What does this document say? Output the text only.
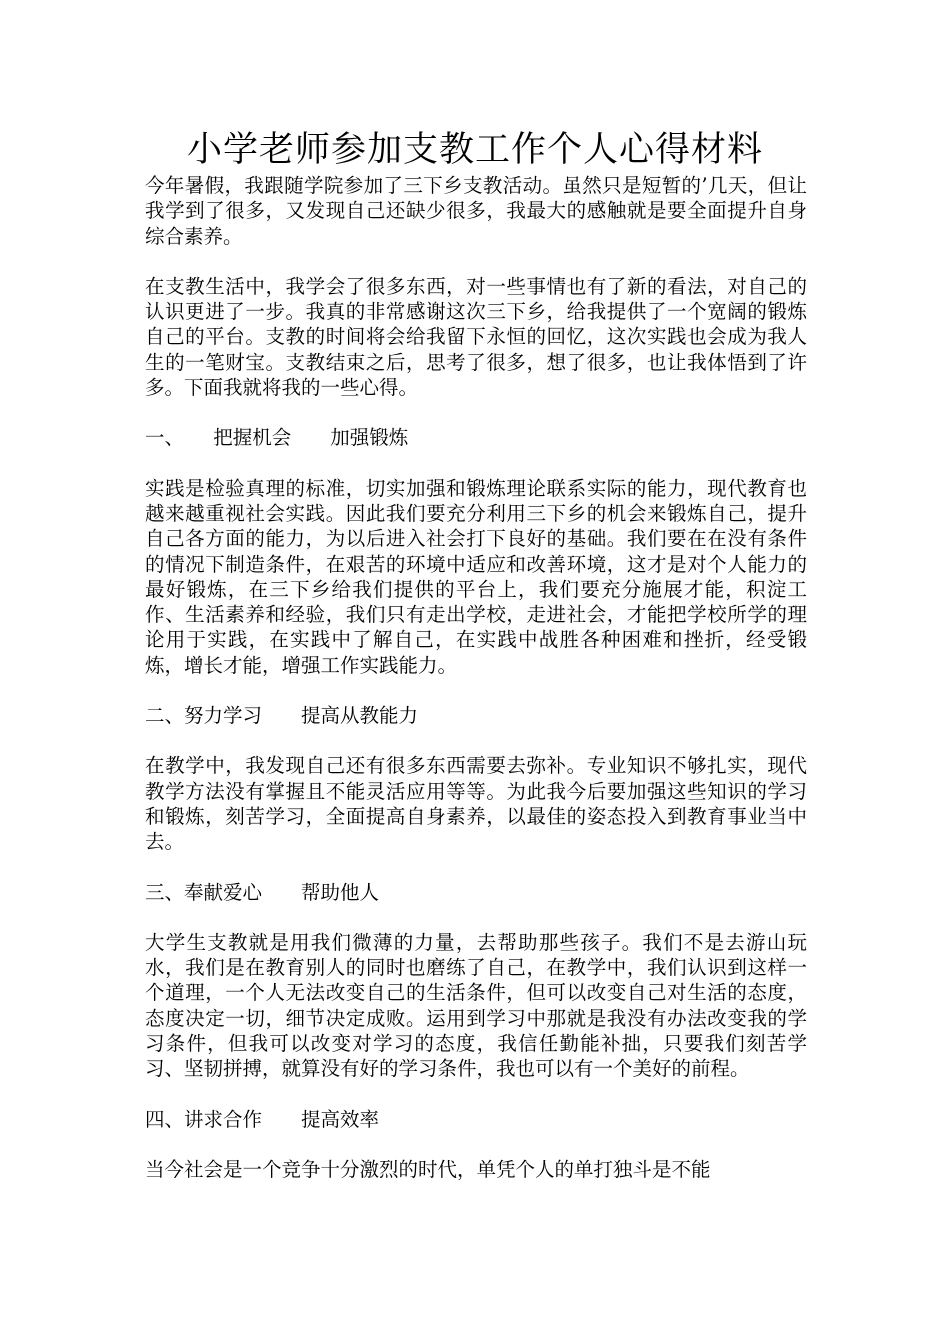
小学老师参加支教工作个人心得材料

今年暑假，我跟随学院参加了三下乡支教活动。虽然只是短暂的’几天，但让我学到了很多，又发现自己还缺少很多，我最大的感触就是要全面提升自身综合素养。

在支教生活中，我学会了很多东西，对一些事情也有了新的看法，对自己的认识更进了一步。我真的非常感谢这次三下乡，给我提供了一个宽阔的锻炼自己的平台。支教的时间将会给我留下永恒的回忆，这次实践也会成为我人生的一笔财宝。支教结束之后，思考了很多，想了很多，也让我体悟到了许多。下面我就将我的一些心得。

一、　　把握机会　　加强锻炼

实践是检验真理的标准，切实加强和锻炼理论联系实际的能力，现代教育也越来越重视社会实践。因此我们要充分利用三下乡的机会来锻炼自己，提升自己各方面的能力，为以后进入社会打下良好的基础。我们要在在没有条件的情况下制造条件，在艰苦的环境中适应和改善环境，这才是对个人能力的最好锻炼，在三下乡给我们提供的平台上，我们要充分施展才能，积淀工作、生活素养和经验，我们只有走出学校，走进社会，才能把学校所学的理论用于实践，在实践中了解自己，在实践中战胜各种困难和挫折，经受锻炼，增长才能，增强工作实践能力。

二、努力学习　　提高从教能力

在教学中，我发现自己还有很多东西需要去弥补。专业知识不够扎实，现代教学方法没有掌握且不能灵活应用等等。为此我今后要加强这些知识的学习和锻炼，刻苦学习，全面提高自身素养，以最佳的姿态投入到教育事业当中去。

三、奉献爱心　　帮助他人

大学生支教就是用我们微薄的力量，去帮助那些孩子。我们不是去游山玩水，我们是在教育别人的同时也磨练了自己，在教学中，我们认识到这样一个道理，一个人无法改变自己的生活条件，但可以改变自己对生活的态度，态度决定一切，细节决定成败。运用到学习中那就是我没有办法改变我的学习条件，但我可以改变对学习的态度，我信任勤能补拙，只要我们刻苦学习、坚韧拼搏，就算没有好的学习条件，我也可以有一个美好的前程。

四、讲求合作　　提高效率

当今社会是一个竞争十分激烈的时代，单凭个人的单打独斗是不能
